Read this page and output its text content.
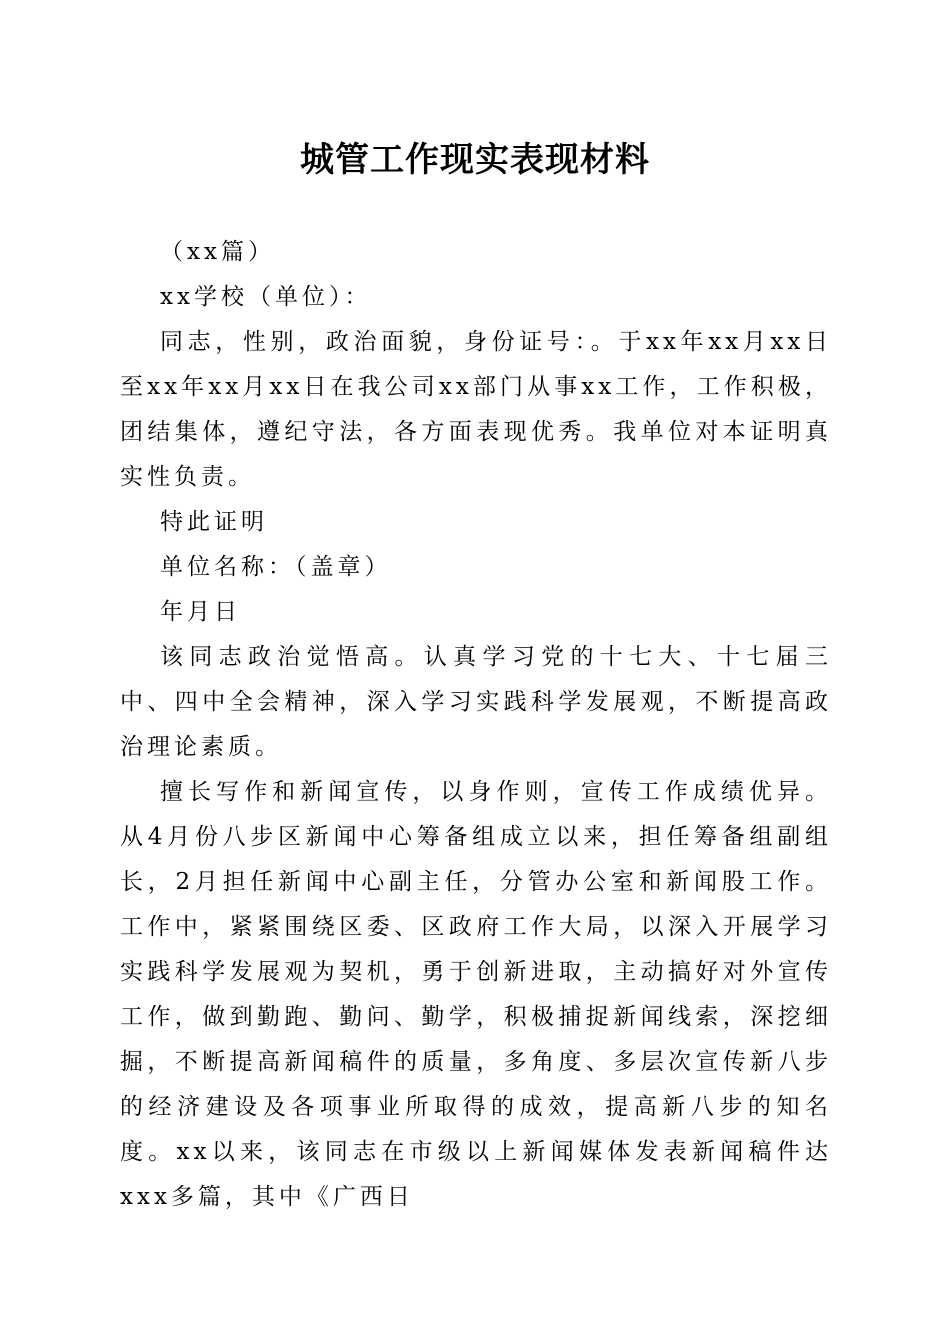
城管工作现实表现材料

（xx篇）

xx学校（单位）：

同志，性别，政治面貌，身份证号：。于xx年xx月xx日至xx年xx月xx日在我公司xx部门从事xx工作，工作积极，团结集体，遵纪守法，各方面表现优秀。我单位对本证明真实性负责。

特此证明

单位名称：（盖章）

年月日

该同志政治觉悟高。认真学习党的十七大、十七届三中、四中全会精神，深入学习实践科学发展观，不断提高政治理论素质。

擅长写作和新闻宣传，以身作则，宣传工作成绩优异。从4月份八步区新闻中心筹备组成立以来，担任筹备组副组长，2月担任新闻中心副主任，分管办公室和新闻股工作。工作中，紧紧围绕区委、区政府工作大局，以深入开展学习实践科学发展观为契机，勇于创新进取，主动搞好对外宣传工作，做到勤跑、勤问、勤学，积极捕捉新闻线索，深挖细掘，不断提高新闻稿件的质量，多角度、多层次宣传新八步的经济建设及各项事业所取得的成效，提高新八步的知名度。xx以来，该同志在市级以上新闻媒体发表新闻稿件达xxx多篇，其中《广西日
